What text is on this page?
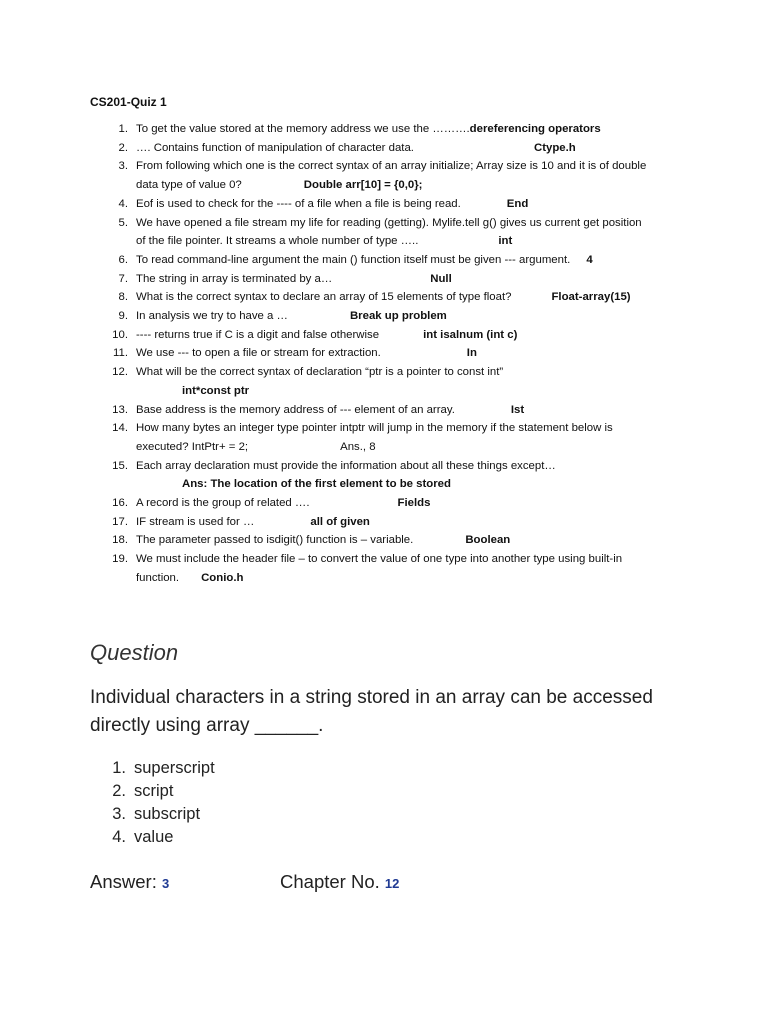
CS201-Quiz 1
1. To get the value stored at the memory address we use the ……….dereferencing operators
2. …. Contains function of manipulation of character data.	Ctype.h
3. From following which one is the correct syntax of an array initialize; Array size is 10 and it is of double data type of value 0?	Double arr[10] = {0,0};
4. Eof is used to check for the ---- of a file when a file is being read.	End
5. We have opened a file stream my life for reading (getting). Mylife.tell g() gives us current get position of the file pointer. It streams a whole number of type …..	int
6. To read command-line argument the main () function itself must be given --- argument. 4
7. The string in array is terminated by a…	Null
8. What is the correct syntax to declare an array of 15 elements of type float?	Float-array(15)
9. In analysis we try to have a …	Break up problem
10. ---- returns true if C is a digit and false otherwise	int isalnum (int c)
11. We use --- to open a file or stream for extraction.	In
12. What will be the correct syntax of declaration “ptr is a pointer to const int”
int*const ptr
13. Base address is the memory address of --- element of an array.	Ist
14. How many bytes an integer type pointer intptr will jump in the memory if the statement below is executed? IntPtr+ = 2;	Ans., 8
15. Each array declaration must provide the information about all these things except…
Ans: The location of the first element to be stored
16. A record is the group of related ….	Fields
17. IF stream is used for …	all of given
18. The parameter passed to isdigit() function is – variable.	Boolean
19. We must include the header file – to convert the value of one type into another type using built-in function. Conio.h
Question
Individual characters in a string stored in an array can be accessed directly using array ______.
1. superscript
2. script
3. subscript
4. value
Answer: 3	Chapter No. 12
